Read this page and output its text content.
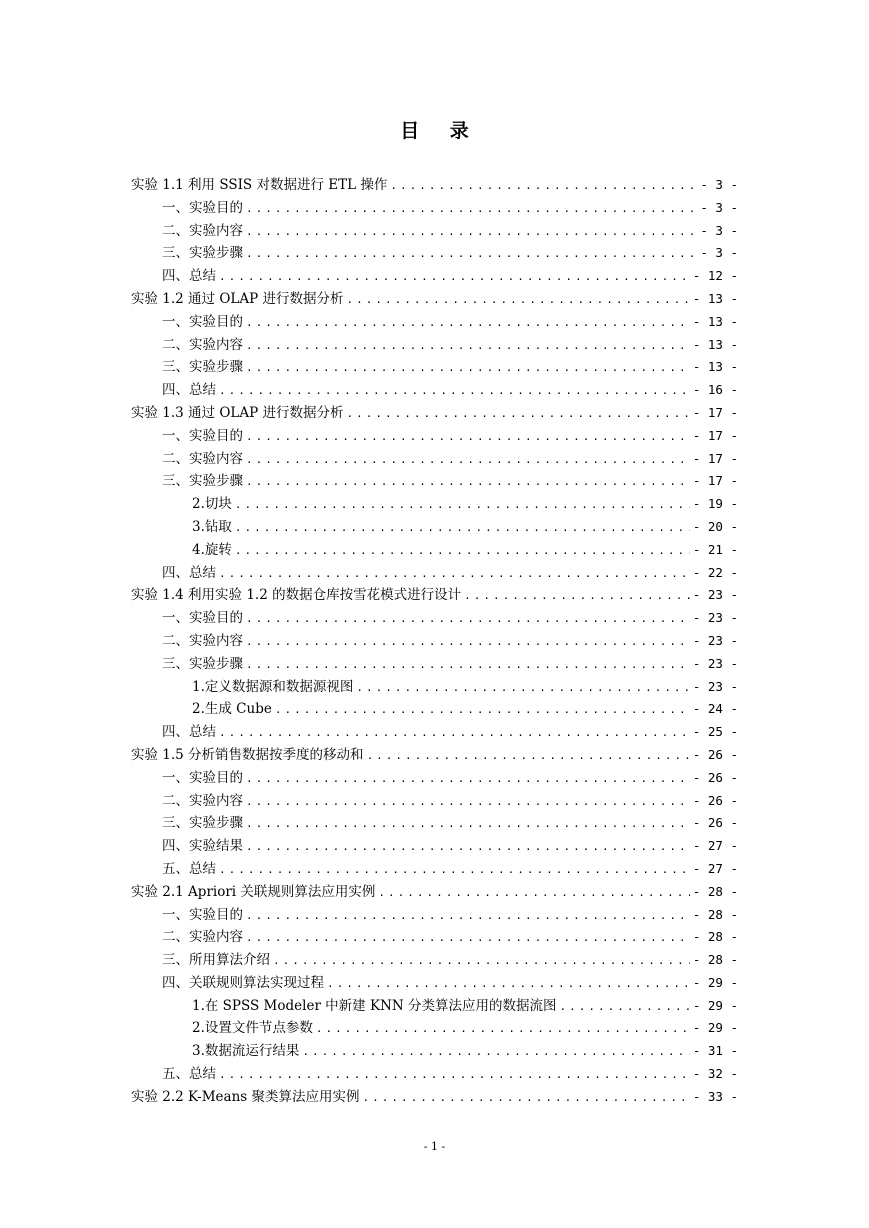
目 录
实验 1.1 利用 SSIS 对数据进行 ETL 操作 .....	- 3 -
一、实验目的 .....	- 3 -
二、实验内容 .....	- 3 -
三、实验步骤 .....	- 3 -
四、总结 .....	- 12 -
实验 1.2 通过 OLAP 进行数据分析 .....	- 13 -
一、实验目的 .....	- 13 -
二、实验内容 .....	- 13 -
三、实验步骤 .....	- 13 -
四、总结 .....	- 16 -
实验 1.3 通过 OLAP 进行数据分析 .....	- 17 -
一、实验目的 .....	- 17 -
二、实验内容 .....	- 17 -
三、实验步骤 .....	- 17 -
2.切块 .....	- 19 -
3.钻取 .....	- 20 -
4.旋转 .....	- 21 -
四、总结 .....	- 22 -
实验 1.4 利用实验 1.2 的数据仓库按雪花模式进行设计 .....	- 23 -
一、实验目的 .....	- 23 -
二、实验内容 .....	- 23 -
三、实验步骤 .....	- 23 -
1.定义数据源和数据源视图 .....	- 23 -
2.生成 Cube .....	- 24 -
四、总结 .....	- 25 -
实验 1.5 分析销售数据按季度的移动和 .....	- 26 -
一、实验目的 .....	- 26 -
二、实验内容 .....	- 26 -
三、实验步骤 .....	- 26 -
四、实验结果 .....	- 27 -
五、总结 .....	- 27 -
实验 2.1 Apriori 关联规则算法应用实例 .....	- 28 -
一、实验目的 .....	- 28 -
二、实验内容 .....	- 28 -
三、所用算法介绍 .....	- 28 -
四、关联规则算法实现过程 .....	- 29 -
1.在 SPSS Modeler 中新建 KNN 分类算法应用的数据流图 .....	- 29 -
2.设置文件节点参数 .....	- 29 -
3.数据流运行结果 .....	- 31 -
五、总结 .....	- 32 -
实验 2.2 K-Means 聚类算法应用实例 .....	- 33 -
- 1 -
